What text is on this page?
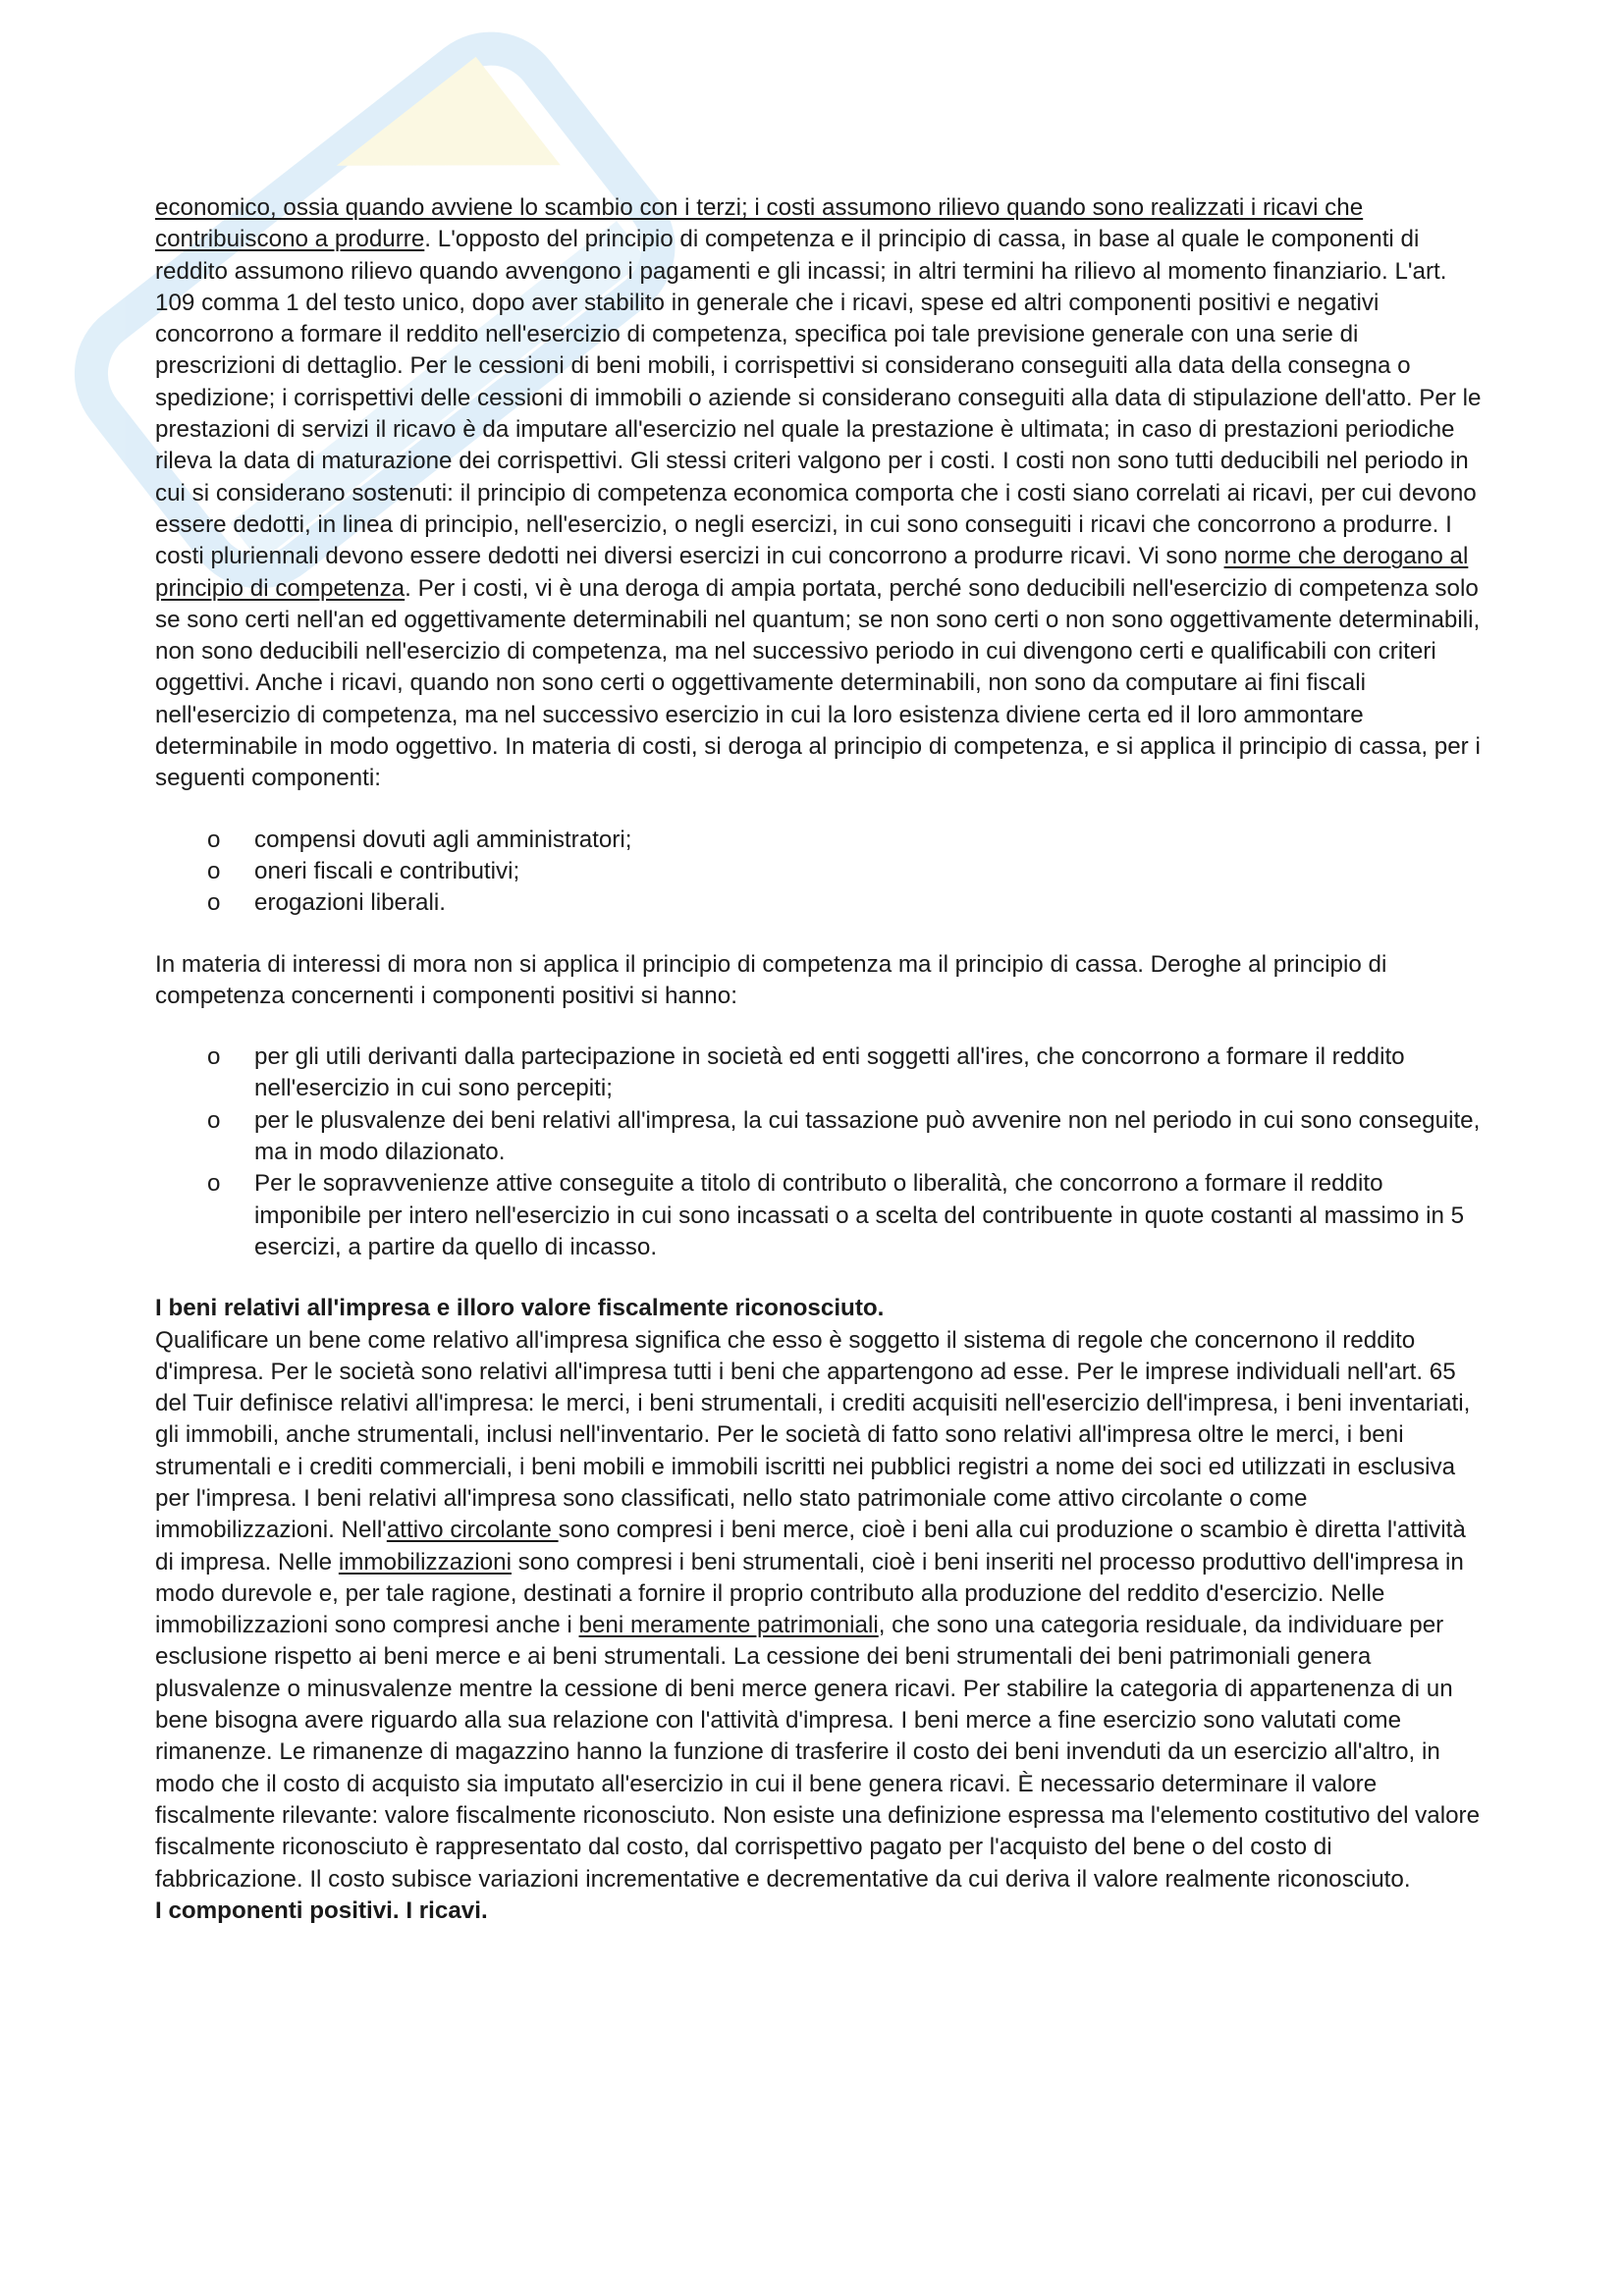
economico, ossia quando avviene lo scambio con i terzi; i costi assumono rilievo quando sono realizzati i ricavi che contribuiscono a produrre. L'opposto del principio di competenza e il principio di cassa, in base al quale le componenti di reddito assumono rilievo quando avvengono i pagamenti e gli incassi; in altri termini ha rilievo al momento finanziario. L'art. 109 comma 1 del testo unico, dopo aver stabilito in generale che i ricavi, spese ed altri componenti positivi e negativi concorrono a formare il reddito nell'esercizio di competenza, specifica poi tale previsione generale con una serie di prescrizioni di dettaglio. Per le cessioni di beni mobili, i corrispettivi si considerano conseguiti alla data della consegna o spedizione; i corrispettivi delle cessioni di immobili o aziende si considerano conseguiti alla data di stipulazione dell'atto. Per le prestazioni di servizi il ricavo è da imputare all'esercizio nel quale la prestazione è ultimata; in caso di prestazioni periodiche rileva la data di maturazione dei corrispettivi. Gli stessi criteri valgono per i costi. I costi non sono tutti deducibili nel periodo in cui si considerano sostenuti: il principio di competenza economica comporta che i costi siano correlati ai ricavi, per cui devono essere dedotti, in linea di principio, nell'esercizio, o negli esercizi, in cui sono conseguiti i ricavi che concorrono a produrre. I costi pluriennali devono essere dedotti nei diversi esercizi in cui concorrono a produrre ricavi. Vi sono norme che derogano al principio di competenza. Per i costi, vi è una deroga di ampia portata, perché sono deducibili nell'esercizio di competenza solo se sono certi nell'an ed oggettivamente determinabili nel quantum; se non sono certi o non sono oggettivamente determinabili, non sono deducibili nell'esercizio di competenza, ma nel successivo periodo in cui divengono certi e qualificabili con criteri oggettivi. Anche i ricavi, quando non sono certi o oggettivamente determinabili, non sono da computare ai fini fiscali nell'esercizio di competenza, ma nel successivo esercizio in cui la loro esistenza diviene certa ed il loro ammontare determinabile in modo oggettivo. In materia di costi, si deroga al principio di competenza, e si applica il principio di cassa, per i seguenti componenti:

o compensi dovuti agli amministratori;
o oneri fiscali e contributivi;
o erogazioni liberali.

In materia di interessi di mora non si applica il principio di competenza ma il principio di cassa. Deroghe al principio di competenza concernenti i componenti positivi si hanno:

o per gli utili derivanti dalla partecipazione in società ed enti soggetti all'ires, che concorrono a formare il reddito nell'esercizio in cui sono percepiti;
o per le plusvalenze dei beni relativi all'impresa, la cui tassazione può avvenire non nel periodo in cui sono conseguite, ma in modo dilazionato.
o Per le sopravvenienze attive conseguite a titolo di contributo o liberalità, che concorrono a formare il reddito imponibile per intero nell'esercizio in cui sono incassati o a scelta del contribuente in quote costanti al massimo in 5 esercizi, a partire da quello di incasso.

I beni relativi all'impresa e illoro valore fiscalmente riconosciuto.

Qualificare un bene come relativo all'impresa significa che esso è soggetto il sistema di regole che concernono il reddito d'impresa. Per le società sono relativi all'impresa tutti i beni che appartengono ad esse. Per le imprese individuali nell'art. 65 del Tuir definisce relativi all'impresa: le merci, i beni strumentali, i crediti acquisiti nell'esercizio dell'impresa, i beni inventariati, gli immobili, anche strumentali, inclusi nell'inventario. Per le società di fatto sono relativi all'impresa oltre le merci, i beni strumentali e i crediti commerciali, i beni mobili e immobili iscritti nei pubblici registri a nome dei soci ed utilizzati in esclusiva per l'impresa. I beni relativi all'impresa sono classificati, nello stato patrimoniale come attivo circolante o come immobilizzazioni. Nell'attivo circolante sono compresi i beni merce, cioè i beni alla cui produzione o scambio è diretta l'attività di impresa. Nelle immobilizzazioni sono compresi i beni strumentali, cioè i beni inseriti nel processo produttivo dell'impresa in modo durevole e, per tale ragione, destinati a fornire il proprio contributo alla produzione del reddito d'esercizio. Nelle immobilizzazioni sono compresi anche i beni meramente patrimoniali, che sono una categoria residuale, da individuare per esclusione rispetto ai beni merce e ai beni strumentali. La cessione dei beni strumentali dei beni patrimoniali genera plusvalenze o minusvalenze mentre la cessione di beni merce genera ricavi. Per stabilire la categoria di appartenenza di un bene bisogna avere riguardo alla sua relazione con l'attività d'impresa. I beni merce a fine esercizio sono valutati come rimanenze. Le rimanenze di magazzino hanno la funzione di trasferire il costo dei beni invenduti da un esercizio all'altro, in modo che il costo di acquisto sia imputato all'esercizio in cui il bene genera ricavi. È necessario determinare il valore fiscalmente rilevante: valore fiscalmente riconosciuto. Non esiste una definizione espressa ma l'elemento costitutivo del valore fiscalmente riconosciuto è rappresentato dal costo, dal corrispettivo pagato per l'acquisto del bene o del costo di fabbricazione. Il costo subisce variazioni incrementative e decrementative da cui deriva il valore realmente riconosciuto.

I componenti positivi. I ricavi.
